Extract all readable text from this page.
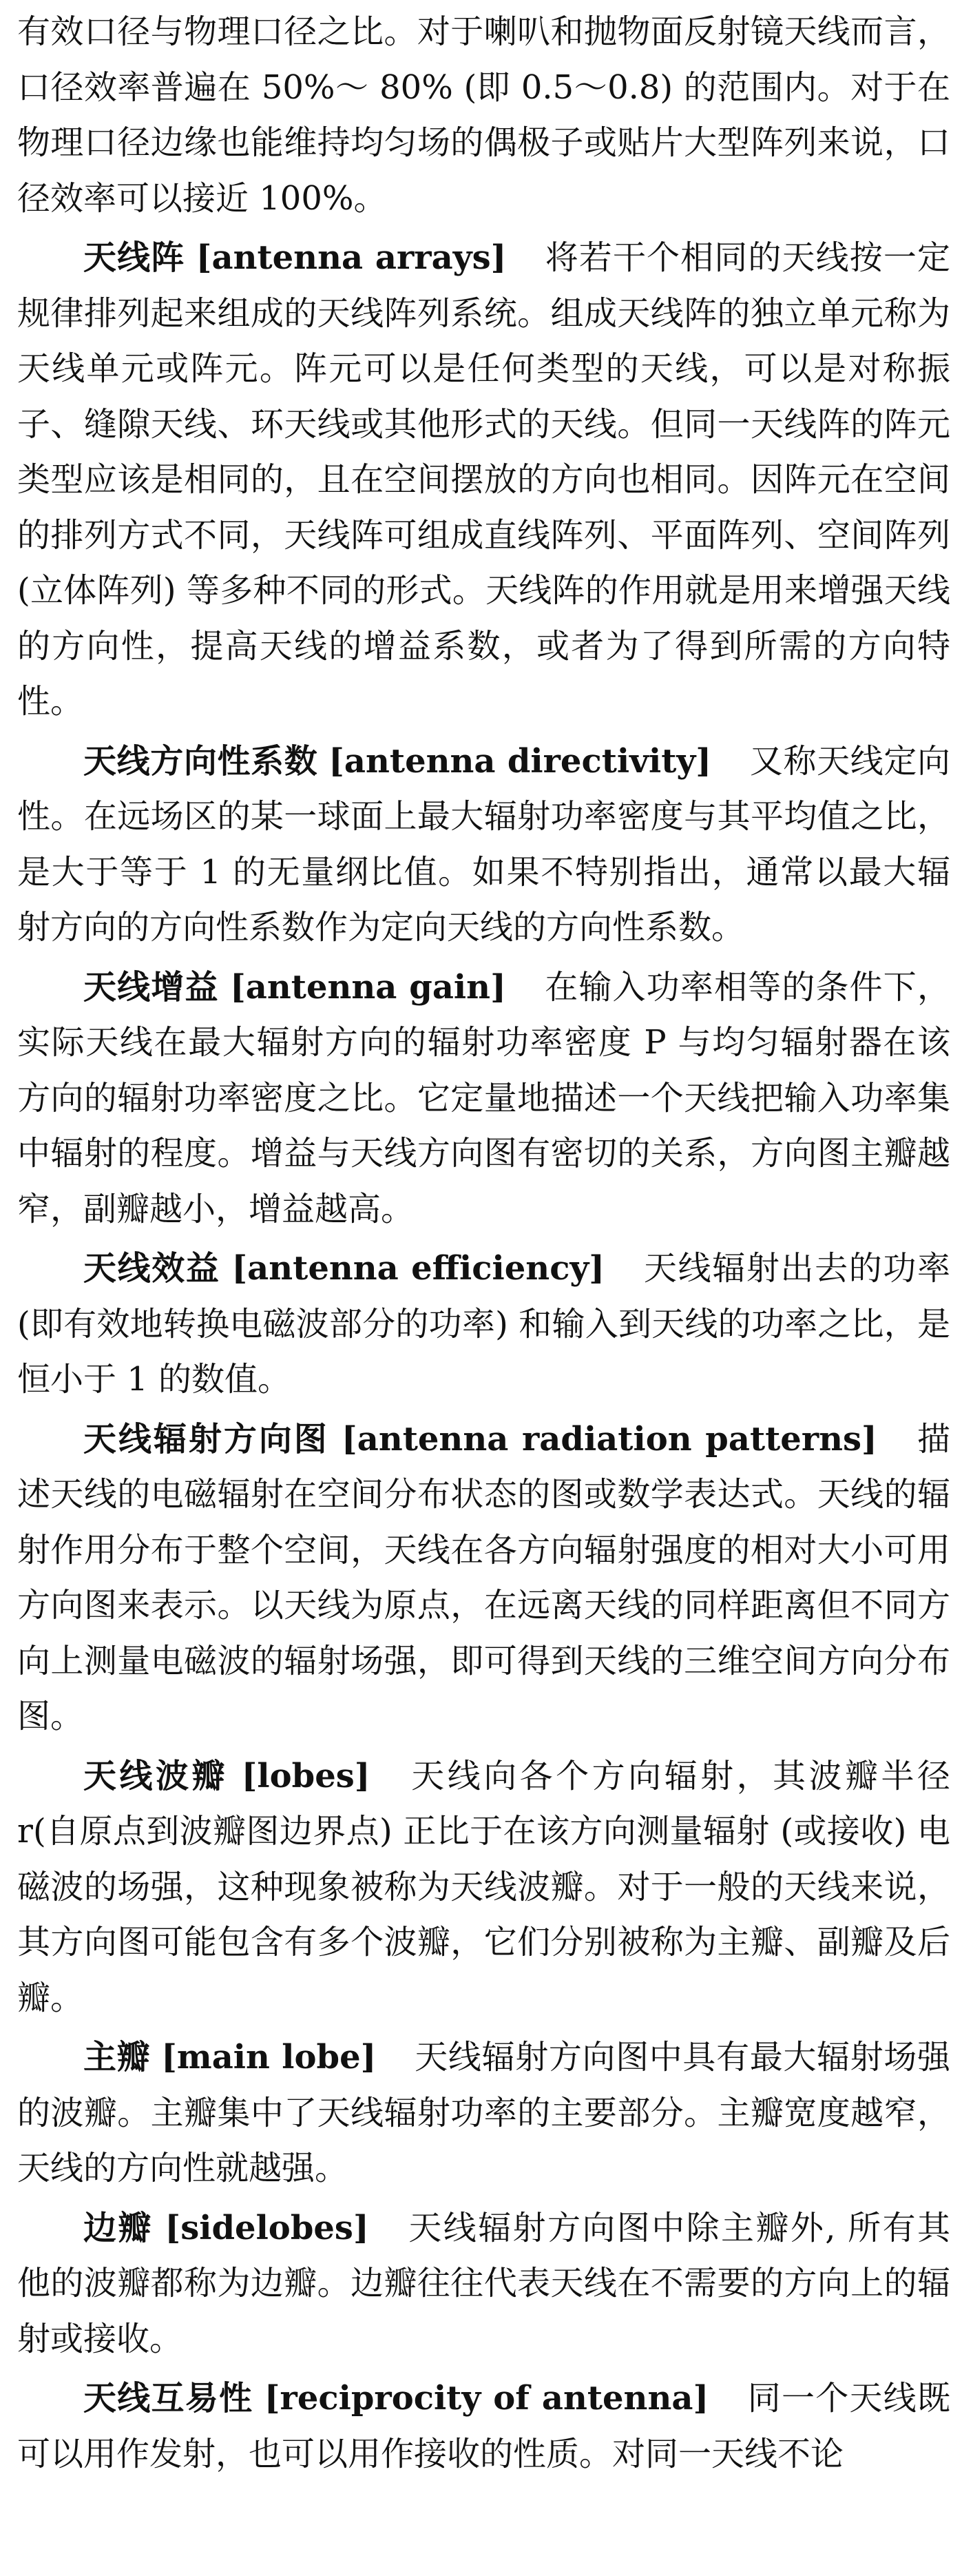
有效口径与物理口径之比。对于喇叭和抛物面反射镜天线而言，口径效率普遍在 50%～ 80% (即 0.5～0.8) 的范围内。对于在物理口径边缘也能维持均匀场的偶极子或贴片大型阵列来说，口径效率可以接近 100%。

天线阵 [antenna arrays] 将若干个相同的天线按一定规律排列起来组成的天线阵列系统。组成天线阵的独立单元称为天线单元或阵元。阵元可以是任何类型的天线，可以是对称振子、缝隙天线、环天线或其他形式的天线。但同一天线阵的阵元类型应该是相同的，且在空间摆放的方向也相同。因阵元在空间的排列方式不同，天线阵可组成直线阵列、平面阵列、空间阵列 (立体阵列) 等多种不同的形式。天线阵的作用就是用来增强天线的方向性，提高天线的增益系数，或者为了得到所需的方向特性。

天线方向性系数 [antenna directivity] 又称天线定向性。在远场区的某一球面上最大辐射功率密度与其平均值之比，是大于等于 1 的无量纲比值。如果不特别指出，通常以最大辐射方向的方向性系数作为定向天线的方向性系数。

天线增益 [antenna gain] 在输入功率相等的条件下，实际天线在最大辐射方向的辐射功率密度 P 与均匀辐射器在该方向的辐射功率密度之比。它定量地描述一个天线把输入功率集中辐射的程度。增益与天线方向图有密切的关系，方向图主瓣越窄，副瓣越小，增益越高。

天线效益 [antenna efficiency] 天线辐射出去的功率 (即有效地转换电磁波部分的功率) 和输入到天线的功率之比，是恒小于 1 的数值。

天线辐射方向图 [antenna radiation patterns] 描述天线的电磁辐射在空间分布状态的图或数学表达式。天线的辐射作用分布于整个空间，天线在各方向辐射强度的相对大小可用方向图来表示。以天线为原点，在远离天线的同样距离但不同方向上测量电磁波的辐射场强，即可得到天线的三维空间方向分布图。

天线波瓣 [lobes] 天线向各个方向辐射，其波瓣半径 r(自原点到波瓣图边界点) 正比于在该方向测量辐射 (或接收) 电磁波的场强，这种现象被称为天线波瓣。对于一般的天线来说，其方向图可能包含有多个波瓣，它们分别被称为主瓣、副瓣及后瓣。

主瓣 [main lobe] 天线辐射方向图中具有最大辐射场强的波瓣。主瓣集中了天线辐射功率的主要部分。主瓣宽度越窄，天线的方向性就越强。

边瓣 [sidelobes] 天线辐射方向图中除主瓣外, 所有其他的波瓣都称为边瓣。边瓣往往代表天线在不需要的方向上的辐射或接收。

天线互易性 [reciprocity of antenna] 同一个天线既可以用作发射，也可以用作接收的性质。对同一天线不论
